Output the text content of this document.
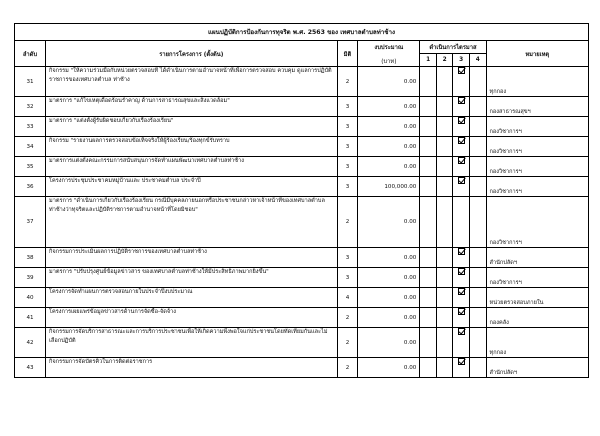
แผนปฏิบัติการป้องกันการทุจริต พ.ศ. 2563 ของ เทศบาลตำบลท่าช้าง
ลำดับ	รายการโครงการ (ตั้งต้น)	มิติ	งบประมาณ
(บาท)	ดำเนินการไตรมาส				หมายเหตุ
				1	2	3	4	
31	กิจกรรม "ให้ความร่วมมือกับหน่วยตรวจสอบที่ ได้ดำเนินการตามอำนาจหน้าที่เพื่อการตรวจสอบ ควบคุม ดูแลการปฏิบัติราชการของเทศบาลตำบล ท่าช้าง	2	0.00					ทุกกอง
32	มาตรการ "แก้ไขเหตุเดือดร้อนรำคาญ ด้านการสาธารณสุขและสิ่งแวดล้อม"	3	0.00					กองสาธารณสุขฯ
33	มาตรการ "แต่งตั้งผู้รับผิดชอบเกี่ยวกับเรื่องร้องเรียน"	3	0.00					กองวิชาการฯ
34	กิจกรรม "รายงานผลการตรวจสอบข้อเท็จจริงให้ผู้ร้องเรียน/ร้องทุกข์รับทราบ	3	0.00					กองวิชาการฯ
35	มาตรการแต่งตั้งคณะกรรมการสนับสนุนการจัดทำแผนพัฒนาเทศบาลตำบลท่าช้าง	3	0.00					กองวิชาการฯ
36	โครงการประชุมประชาคมหมู่บ้านและ ประชาคมตำบล ประจำปี	3	100,000.00					กองวิชาการฯ
37	มาตรการ "ดำเนินการเกี่ยวกับเรื่องร้องเรียน กรณีมีบุคคลภายนอกหรือประชาชนกล่าวหาเจ้าหน้าที่ของเทศบาลตำบลท่าช้างว่าทุจริตและปฏิบัติราชการตามอำนาจหน้าที่โดยมิชอบ"	2	0.00					กองวิชาการฯ
38	กิจกรรมการประเมินผลการปฏิบัติราชการของเทศบาลตำบลท่าช้าง	3	0.00					สำนักปลัดฯ
39	มาตรการ "ปรับปรุงศูนย์ข้อมูลข่าวสาร ของเทศบาลตำบลท่าช้างให้มีประสิทธิภาพมากยิ่งขึ้น"	3	0.00					กองวิชาการฯ
40	โครงการจัดทำแผนการตรวจสอบภายในประจำปีงบประมาณ	4	0.00					หน่วยตรวจสอบภายใน
41	โครงการเผยแพร่ข้อมูลข่าวสารด้านการจัดซื้อ-จัดจ้าง	2	0.00					กองคลัง
42	กิจกรรมการจัดบริการสาธารณะและการบริการประชาชนเพื่อให้เกิดความพึงพอใจแก่ประชาชนโดยทัดเทียมกันและไม่เลือกปฏิบัติ	2	0.00					ทุกกอง
43	กิจกรรมการจัดบัตรคิวในการติดต่อราชการ	2	0.00					สำนักปลัดฯ
